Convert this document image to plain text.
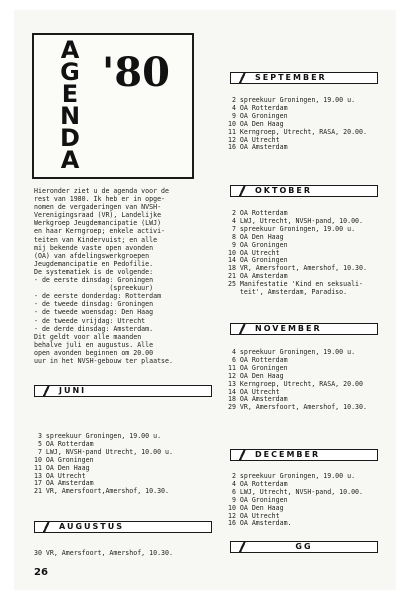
A
G
E
N
D
A
'80
Hieronder ziet u de agenda voor de
rest van 1980. Ik heb er in opge-
nomen de vergaderingen van NVSH-
Verenigingsraad (VR), Landelijke
Werkgroep Jeugdemancipatie (LWJ)
en haar Kerngroep; enkele activi-
teiten van Kindervuist; en alle
mij bekende vaste open avonden
(OA) van afdelingswerkgroepen
Jeugdemancipatie en Pedofilie.
De systematiek is de volgende:
- de eerste dinsdag: Groningen
(spreekuur)
- de eerste donderdag: Rotterdam
- de tweede dinsdag: Groningen
- de tweede woensdag: Den Haag
- de tweede vrijdag: Utrecht
- de derde dinsdag: Amsterdam.
Dit geldt voor alle maanden
behalve juli en augustus. Alle
open avonden beginnen om 20.00
uur in het NVSH-gebouw ter plaatse.
SEPTEMBER
2 spreekuur Groningen, 19.00 u.
4 OA Rotterdam
9 OA Groningen
10 OA Den Haag
11 Kerngroep, Utrecht, RASA, 20.00.
12 OA Utrecht
16 OA Amsterdam
OKTOBER
2 OA Rotterdam
4 LWJ, Utrecht, NVSH-pand, 10.00.
7 spreekuur Groningen, 19.00 u.
8 OA Den Haag
9 OA Groningen
10 OA Utrecht
14 OA Groningen
18 VR, Amersfoort, Amershof, 10.30.
21 OA Amsterdam
25 Manifestatie 'Kind en seksuali-
teit', Amsterdam, Paradiso.
NOVEMBER
4 spreekuur Groningen, 19.00 u.
6 OA Rotterdam
11 OA Groningen
12 OA Den Haag
13 Kerngroep, Utrecht, RASA, 20.00
14 OA Utrecht
18 OA Amsterdam
29 VR, Amersfoort, Amershof, 10.30.
DECEMBER
2 spreekuur Groningen, 19.00 u.
4 OA Rotterdam
6 LWJ, Utrecht, NVSH-pand, 10.00.
9 OA Groningen
10 OA Den Haag
12 OA Utrecht
16 OA Amsterdam.
JUNI
3 spreekuur Groningen, 19.00 u.
5 OA Rotterdam
7 LWJ, NVSH-pand Utrecht, 10.00 u.
10 OA Groningen
11 OA Den Haag
13 OA Utrecht
17 OA Amsterdam
21 VR, Amersfoort,Amershof, 10.30.
AUGUSTUS
30 VR, Amersfoort, Amershof, 10.30.
GG
26
